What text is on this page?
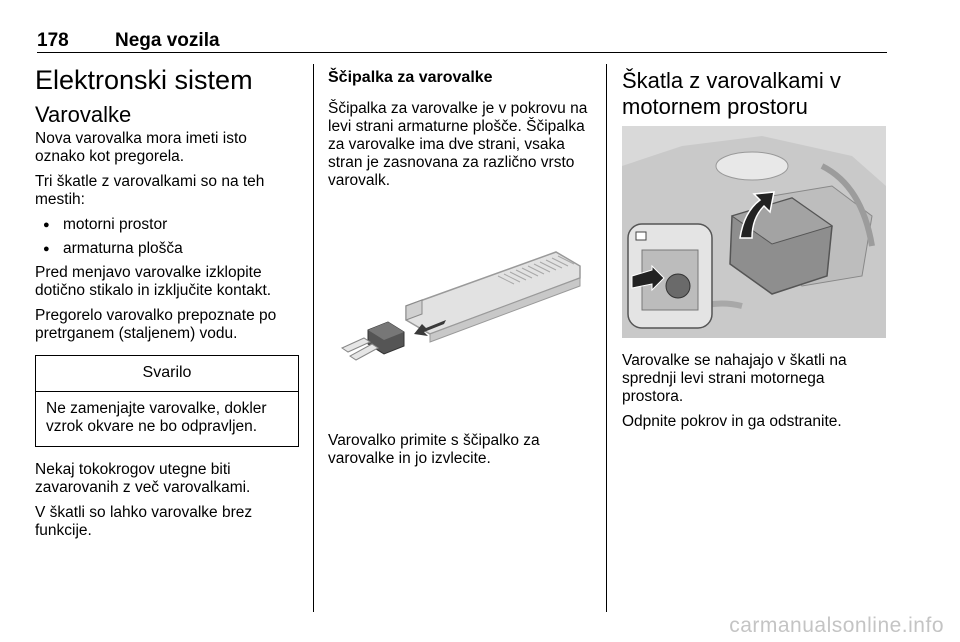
178 Nega vozila
Elektronski sistem
Varovalke

Nova varovalka mora imeti isto oznako kot pregorela.

Tri škatle z varovalkami so na teh mestih:

● motorni prostor
● armaturna plošča

Pred menjavo varovalke izklopite dotično stikalo in izključite kontakt.

Pregorelo varovalko prepoznate po pretrganem (staljenem) vodu.

Svarilo
Ne zamenjajte varovalke, dokler vzrok okvare ne bo odpravljen.

Nekaj tokokrogov utegne biti zavarovanih z več varovalkami.

V škatli so lahko varovalke brez funkcije.

Ščipalka za varovalke

Ščipalka za varovalke je v pokrovu na levi strani armaturne plošče. Ščipalka za varovalke ima dve strani, vsaka stran je zasnovana za različno vrsto varovalk.

Varovalko primite s ščipalko za varovalke in jo izvlecite.

Škatla z varovalkami v motornem prostoru

Varovalke se nahajajo v škatli na sprednji levi strani motornega prostora.

Odpnite pokrov in ga odstranite.

carmanualsonline.info
